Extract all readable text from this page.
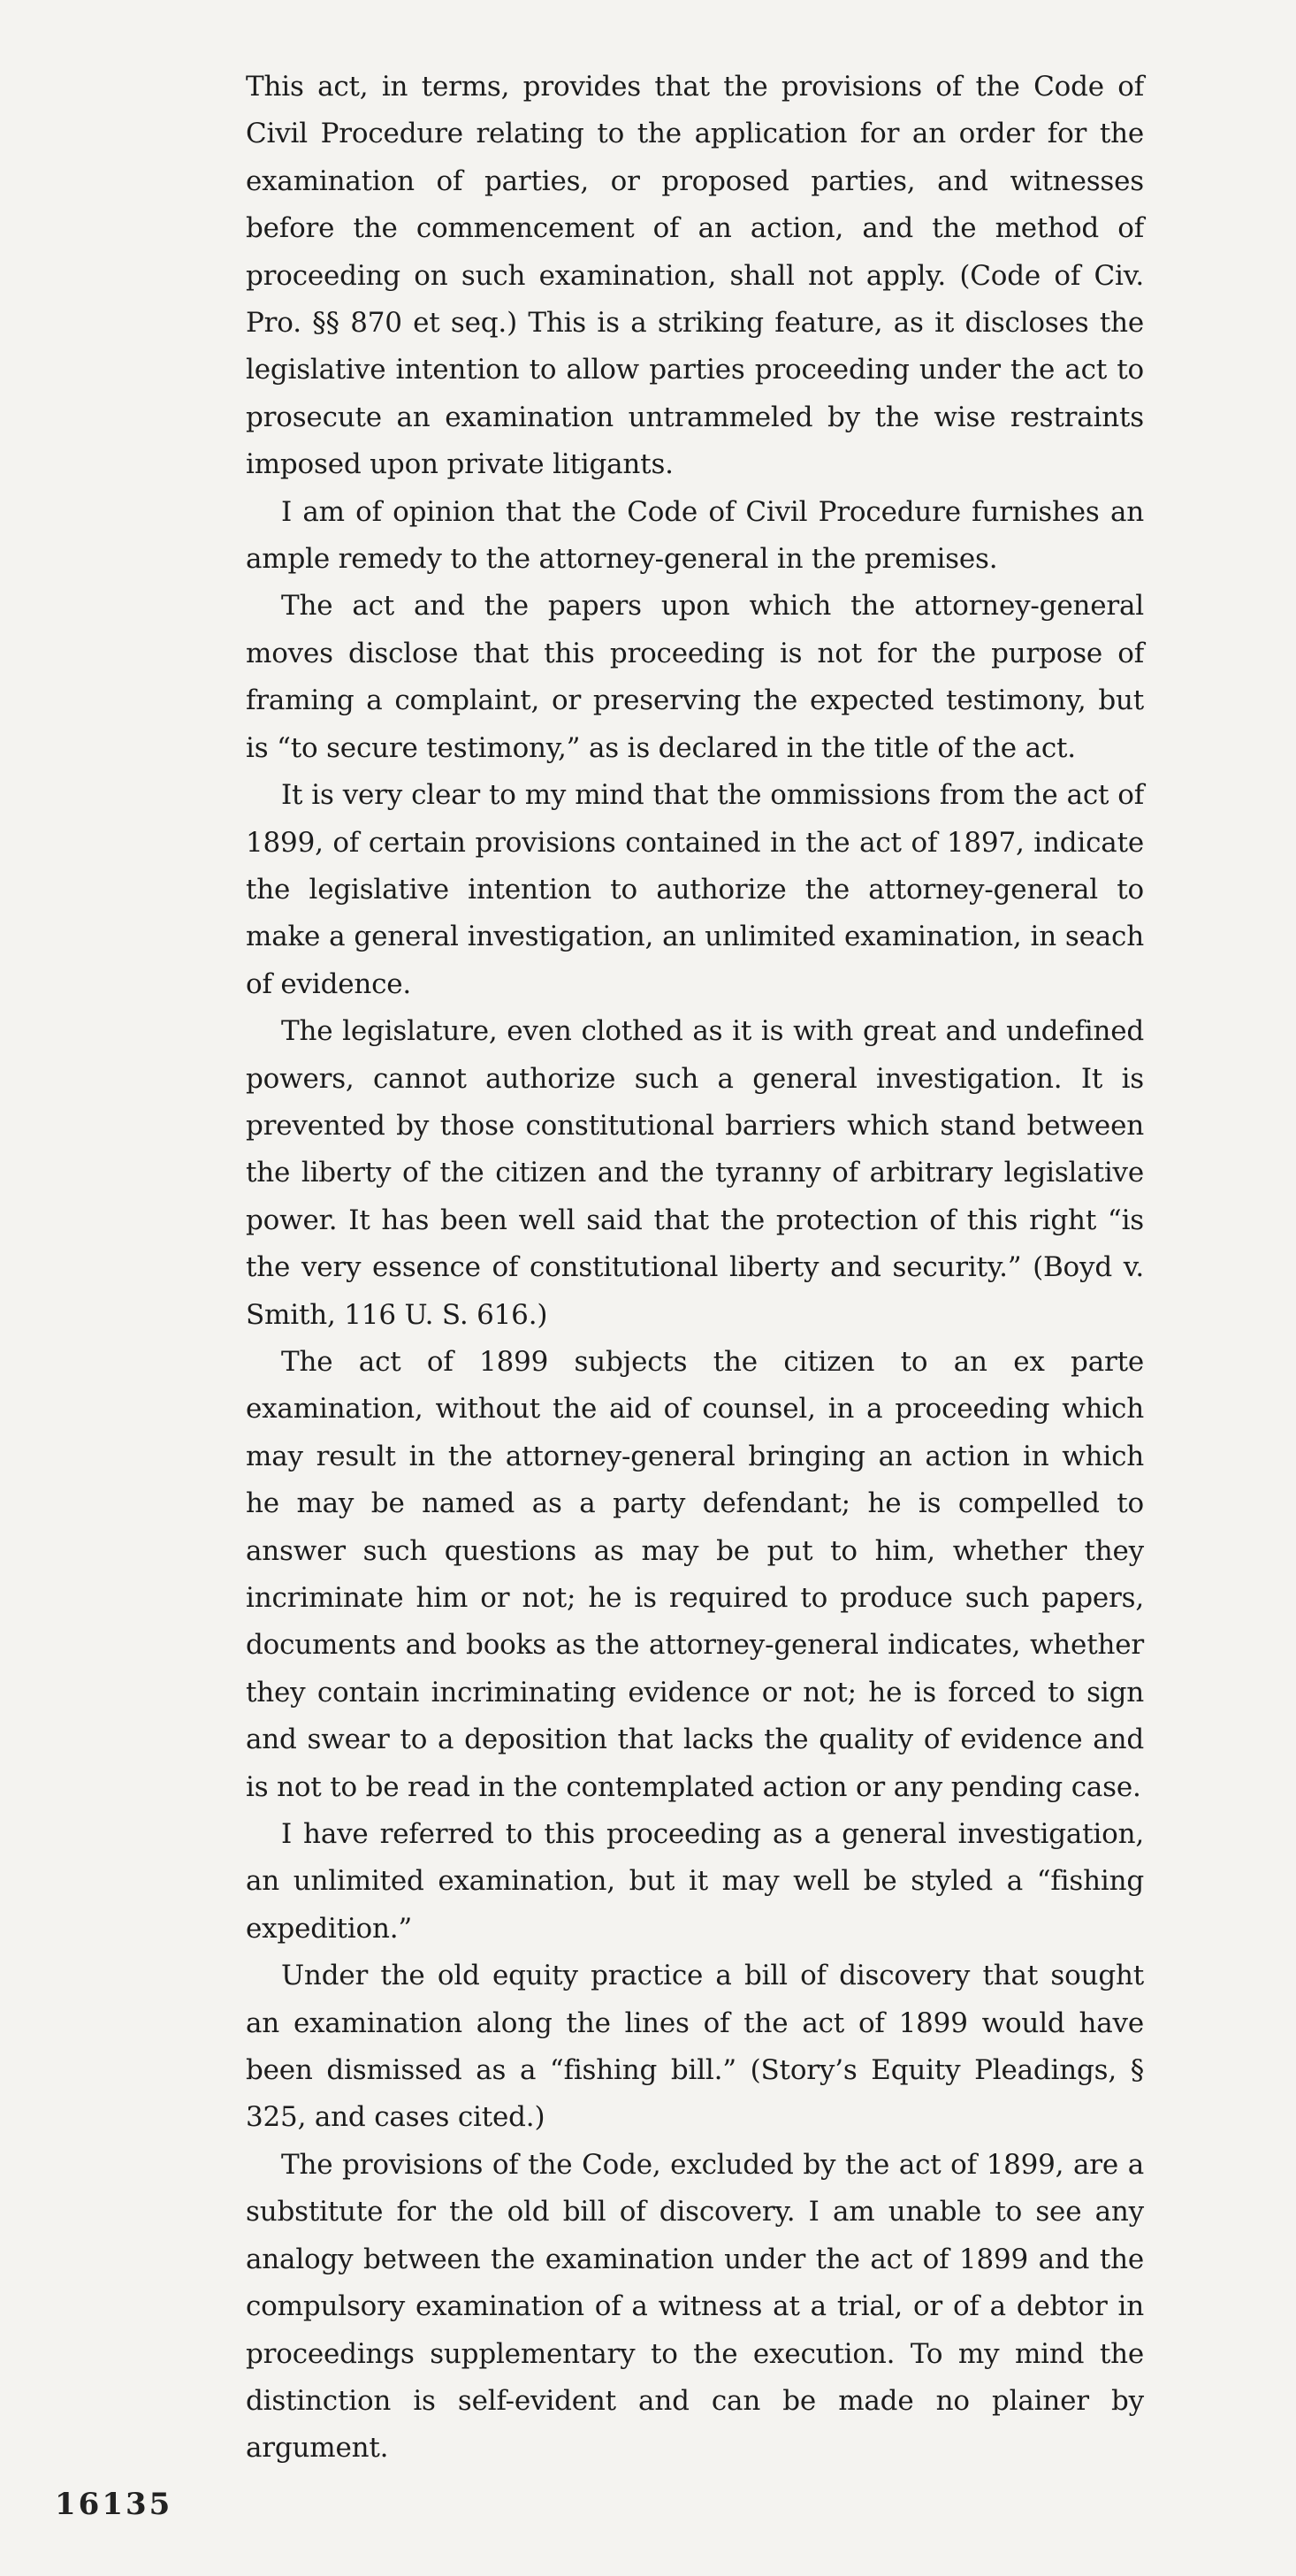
This act, in terms, provides that the provisions of the Code of Civil Procedure relating to the application for an order for the examination of parties, or proposed parties, and witnesses before the commencement of an action, and the method of proceeding on such examination, shall not apply. (Code of Civ. Pro. §§ 870 et seq.) This is a striking feature, as it discloses the legislative intention to allow parties proceeding under the act to prosecute an examination untrammeled by the wise restraints imposed upon private litigants.

I am of opinion that the Code of Civil Procedure furnishes an ample remedy to the attorney-general in the premises.

The act and the papers upon which the attorney-general moves disclose that this proceeding is not for the purpose of framing a complaint, or preserving the expected testimony, but is “to secure testimony,” as is declared in the title of the act.

It is very clear to my mind that the ommissions from the act of 1899, of certain provisions contained in the act of 1897, indicate the legislative intention to authorize the attorney-general to make a general investigation, an unlimited examination, in seach of evidence.

The legislature, even clothed as it is with great and undefined powers, cannot authorize such a general investigation. It is prevented by those constitutional barriers which stand between the liberty of the citizen and the tyranny of arbitrary legislative power. It has been well said that the protection of this right “is the very essence of constitutional liberty and security.” (Boyd v. Smith, 116 U. S. 616.)

The act of 1899 subjects the citizen to an ex parte examination, without the aid of counsel, in a proceeding which may result in the attorney-general bringing an action in which he may be named as a party defendant; he is compelled to answer such questions as may be put to him, whether they incriminate him or not; he is required to produce such papers, documents and books as the attorney-general indicates, whether they contain incriminating evidence or not; he is forced to sign and swear to a deposition that lacks the quality of evidence and is not to be read in the contemplated action or any pending case.

I have referred to this proceeding as a general investigation, an unlimited examination, but it may well be styled a “fishing expedition.”

Under the old equity practice a bill of discovery that sought an examination along the lines of the act of 1899 would have been dismissed as a “fishing bill.” (Story’s Equity Pleadings, § 325, and cases cited.)

The provisions of the Code, excluded by the act of 1899, are a substitute for the old bill of discovery. I am unable to see any analogy between the examination under the act of 1899 and the compulsory examination of a witness at a trial, or of a debtor in proceedings supplementary to the execution. To my mind the distinction is self-evident and can be made no plainer by argument.

16135
